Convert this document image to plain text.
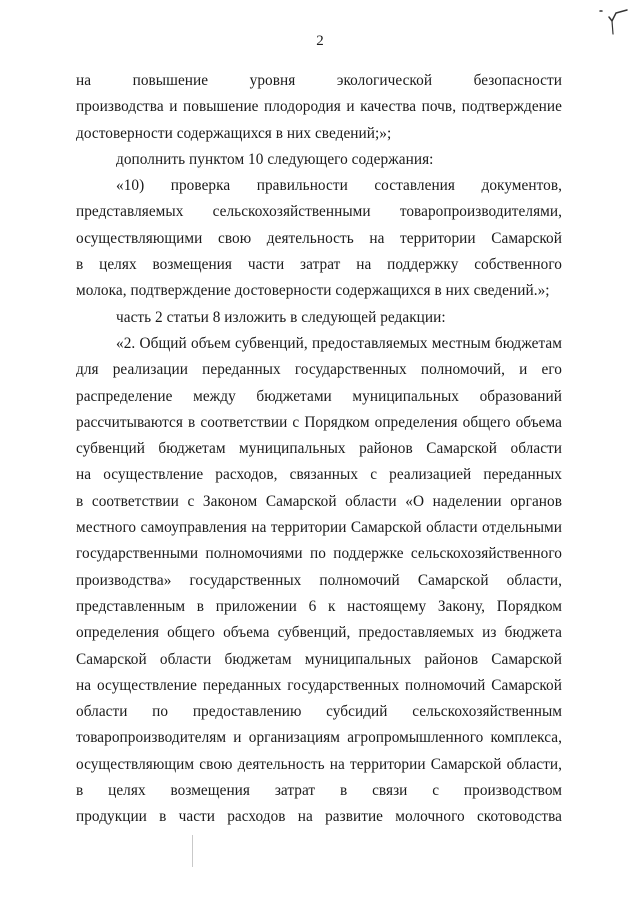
2
на повышение уровня экологической безопасности
производства и повышение плодородия и качества почв, подтверждение
достоверности содержащихся в них сведений;»;
дополнить пунктом 10 следующего содержания:
«10) проверка правильности составления документов,
представляемых сельскохозяйственными товаропроизводителями,
осуществляющими свою деятельность на территории Самарской
в целях возмещения части затрат на поддержку собственного
молока, подтверждение достоверности содержащихся в них сведений.»;
часть 2 статьи 8 изложить в следующей редакции:
«2. Общий объем субвенций, предоставляемых местным бюджетам
для реализации переданных государственных полномочий, и его
распределение между бюджетами муниципальных образований
рассчитываются в соответствии с Порядком определения общего объема
субвенций бюджетам муниципальных районов Самарской области
на осуществление расходов, связанных с реализацией переданных
в соответствии с Законом Самарской области «О наделении органов
местного самоуправления на территории Самарской области отдельными
государственными полномочиями по поддержке сельскохозяйственного
производства» государственных полномочий Самарской области,
представленным в приложении 6 к настоящему Закону, Порядком
определения общего объема субвенций, предоставляемых из бюджета
Самарской области бюджетам муниципальных районов Самарской
на осуществление переданных государственных полномочий Самарской
области по предоставлению субсидий сельскохозяйственным
товаропроизводителям и организациям агропромышленного комплекса,
осуществляющим свою деятельность на территории Самарской области,
в целях возмещения затрат в связи с производством
продукции в части расходов на развитие молочного скотоводства
